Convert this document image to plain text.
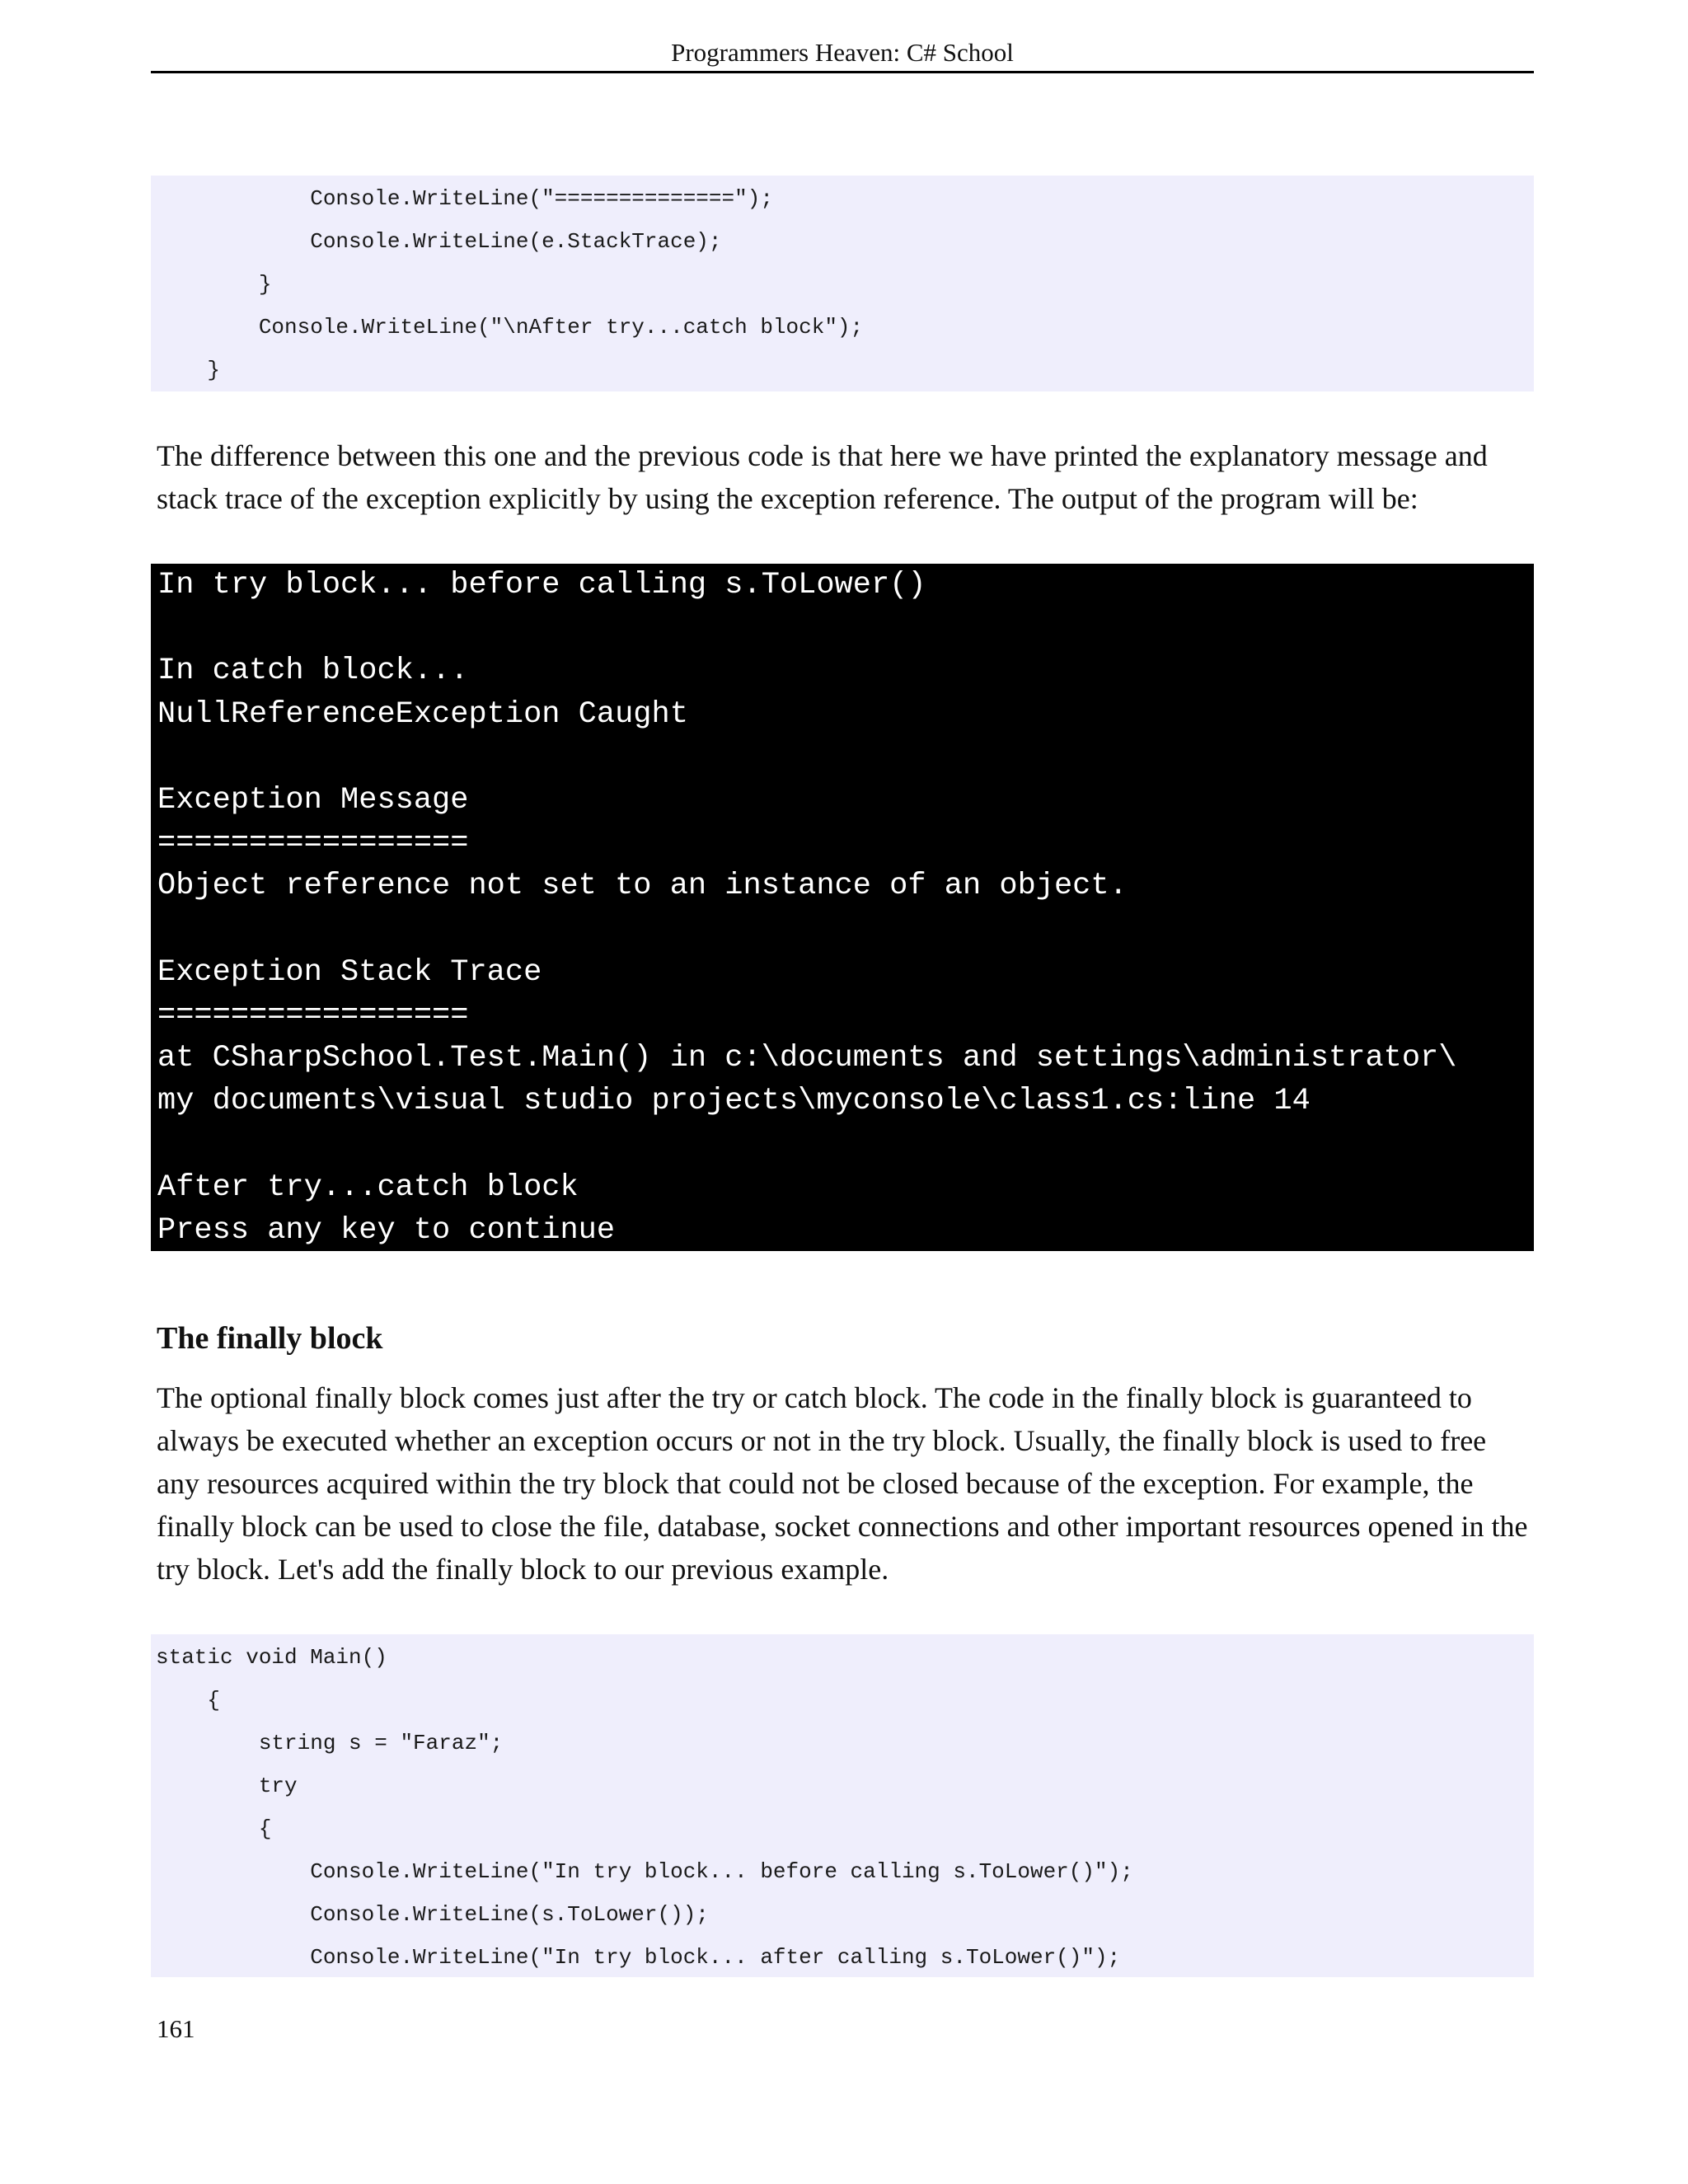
Programmers Heaven: C# School
Console.WriteLine("==============");
Console.WriteLine(e.StackTrace);
}
Console.WriteLine("\nAfter try...catch block");
}

The difference between this one and the previous code is that here we have printed the explanatory message and stack trace of the exception explicitly by using the exception reference. The output of the program will be:

In try block... before calling s.ToLower()
In catch block...
NullReferenceException Caught
Exception Message
=================
Object reference not set to an instance of an object.
Exception Stack Trace
=================
at CSharpSchool.Test.Main() in c:\documents and settings\administrator\
my documents\visual studio projects\myconsole\class1.cs:line 14
After try...catch block
Press any key to continue
The finally block

The optional finally block comes just after the try or catch block. The code in the finally block is guaranteed to always be executed whether an exception occurs or not in the try block. Usually, the finally block is used to free any resources acquired within the try block that could not be closed because of the exception. For example, the finally block can be used to close the file, database, socket connections and other important resources opened in the try block. Let's add the finally block to our previous example.

static void Main()
{
string s = "Faraz";
try
{
Console.WriteLine("In try block... before calling s.ToLower()");
Console.WriteLine(s.ToLower());
Console.WriteLine("In try block... after calling s.ToLower()");
161
